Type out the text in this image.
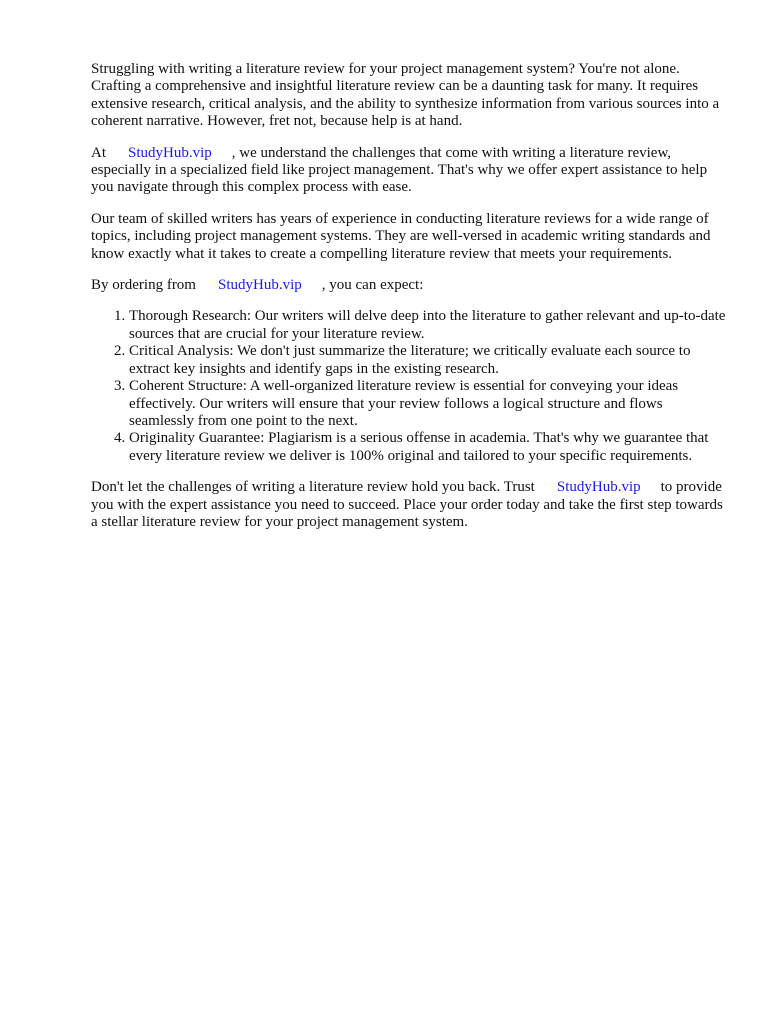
Struggling with writing a literature review for your project management system? You're not alone. Crafting a comprehensive and insightful literature review can be a daunting task for many. It requires extensive research, critical analysis, and the ability to synthesize information from various sources into a coherent narrative. However, fret not, because help is at hand.

At StudyHub.vip , we understand the challenges that come with writing a literature review, especially in a specialized field like project management. That's why we offer expert assistance to help you navigate through this complex process with ease.

Our team of skilled writers has years of experience in conducting literature reviews for a wide range of topics, including project management systems. They are well-versed in academic writing standards and know exactly what it takes to create a compelling literature review that meets your requirements.

By ordering from StudyHub.vip , you can expect:

1. Thorough Research: Our writers will delve deep into the literature to gather relevant and up-to-date sources that are crucial for your literature review.
2. Critical Analysis: We don't just summarize the literature; we critically evaluate each source to extract key insights and identify gaps in the existing research.
3. Coherent Structure: A well-organized literature review is essential for conveying your ideas effectively. Our writers will ensure that your review follows a logical structure and flows seamlessly from one point to the next.
4. Originality Guarantee: Plagiarism is a serious offense in academia. That's why we guarantee that every literature review we deliver is 100% original and tailored to your specific requirements.

Don't let the challenges of writing a literature review hold you back. Trust StudyHub.vip to provide you with the expert assistance you need to succeed. Place your order today and take the first step towards a stellar literature review for your project management system.
